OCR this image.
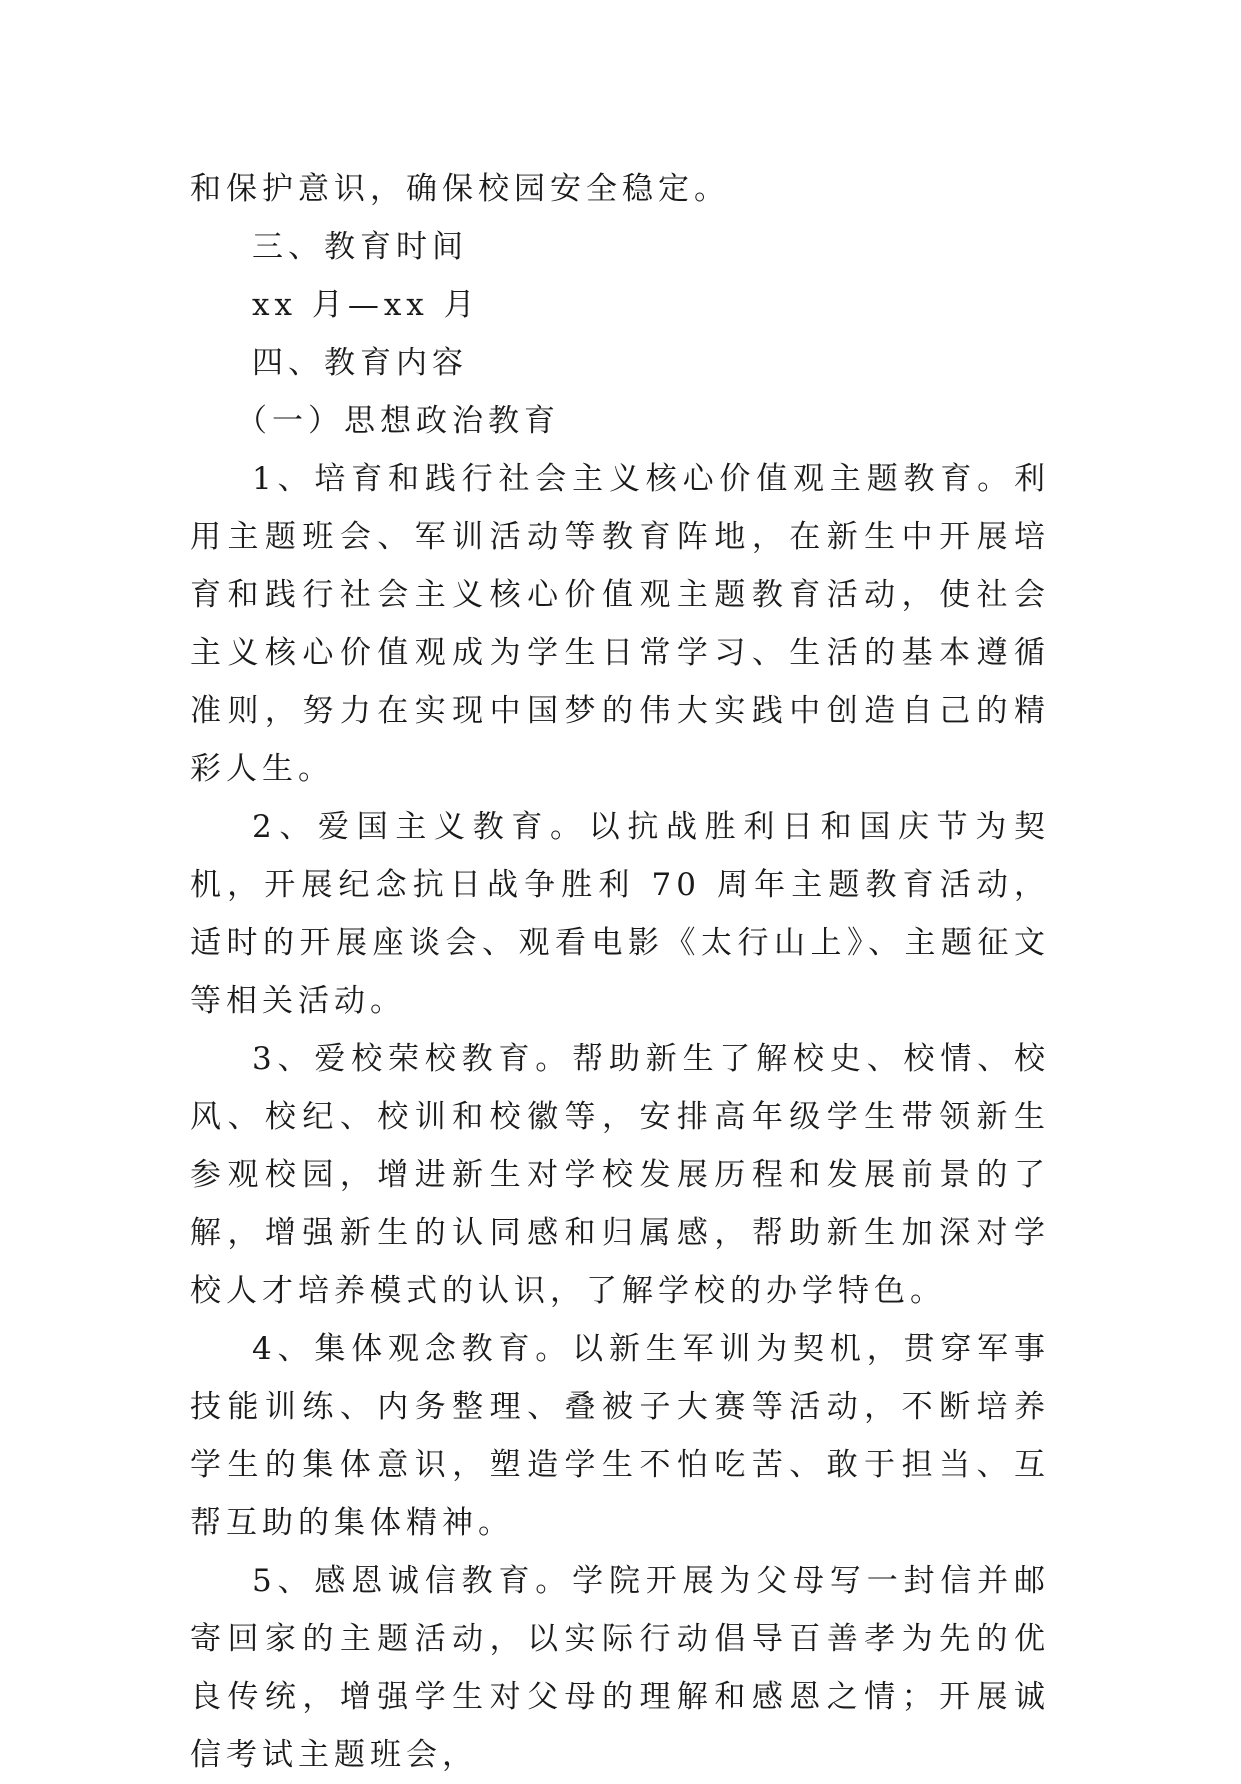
和保护意识，确保校园安全稳定。

三、教育时间

xx 月—xx 月

四、教育内容

（一）思想政治教育

1、培育和践行社会主义核心价值观主题教育。利用主题班会、军训活动等教育阵地，在新生中开展培育和践行社会主义核心价值观主题教育活动，使社会主义核心价值观成为学生日常学习、生活的基本遵循准则，努力在实现中国梦的伟大实践中创造自己的精彩人生。

2、爱国主义教育。以抗战胜利日和国庆节为契机，开展纪念抗日战争胜利 70 周年主题教育活动，适时的开展座谈会、观看电影《太行山上》、主题征文等相关活动。

3、爱校荣校教育。帮助新生了解校史、校情、校风、校纪、校训和校徽等，安排高年级学生带领新生参观校园，增进新生对学校发展历程和发展前景的了解，增强新生的认同感和归属感，帮助新生加深对学校人才培养模式的认识，了解学校的办学特色。

4、集体观念教育。以新生军训为契机，贯穿军事技能训练、内务整理、叠被子大赛等活动，不断培养学生的集体意识，塑造学生不怕吃苦、敢于担当、互帮互助的集体精神。

5、感恩诚信教育。学院开展为父母写一封信并邮寄回家的主题活动，以实际行动倡导百善孝为先的优良传统，增强学生对父母的理解和感恩之情；开展诚信考试主题班会，
